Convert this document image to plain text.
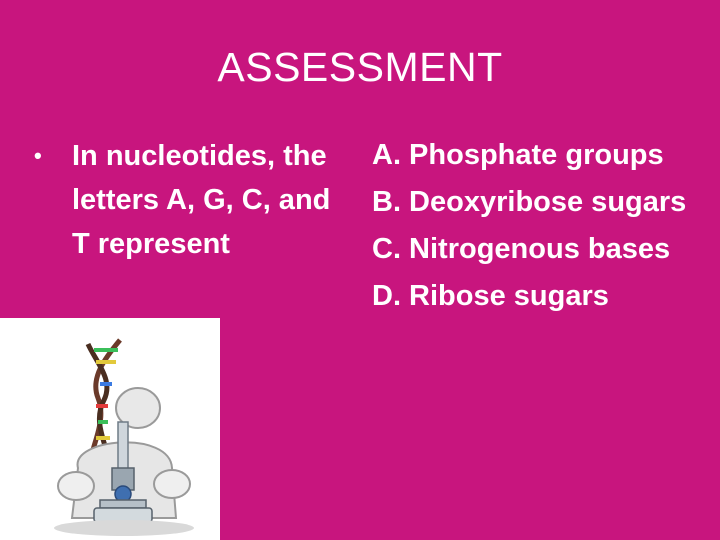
ASSESSMENT
•	In nucleotides, the letters A, G, C, and T represent
A. Phosphate groups
B. Deoxyribose sugars
C. Nitrogenous bases
D. Ribose sugars
